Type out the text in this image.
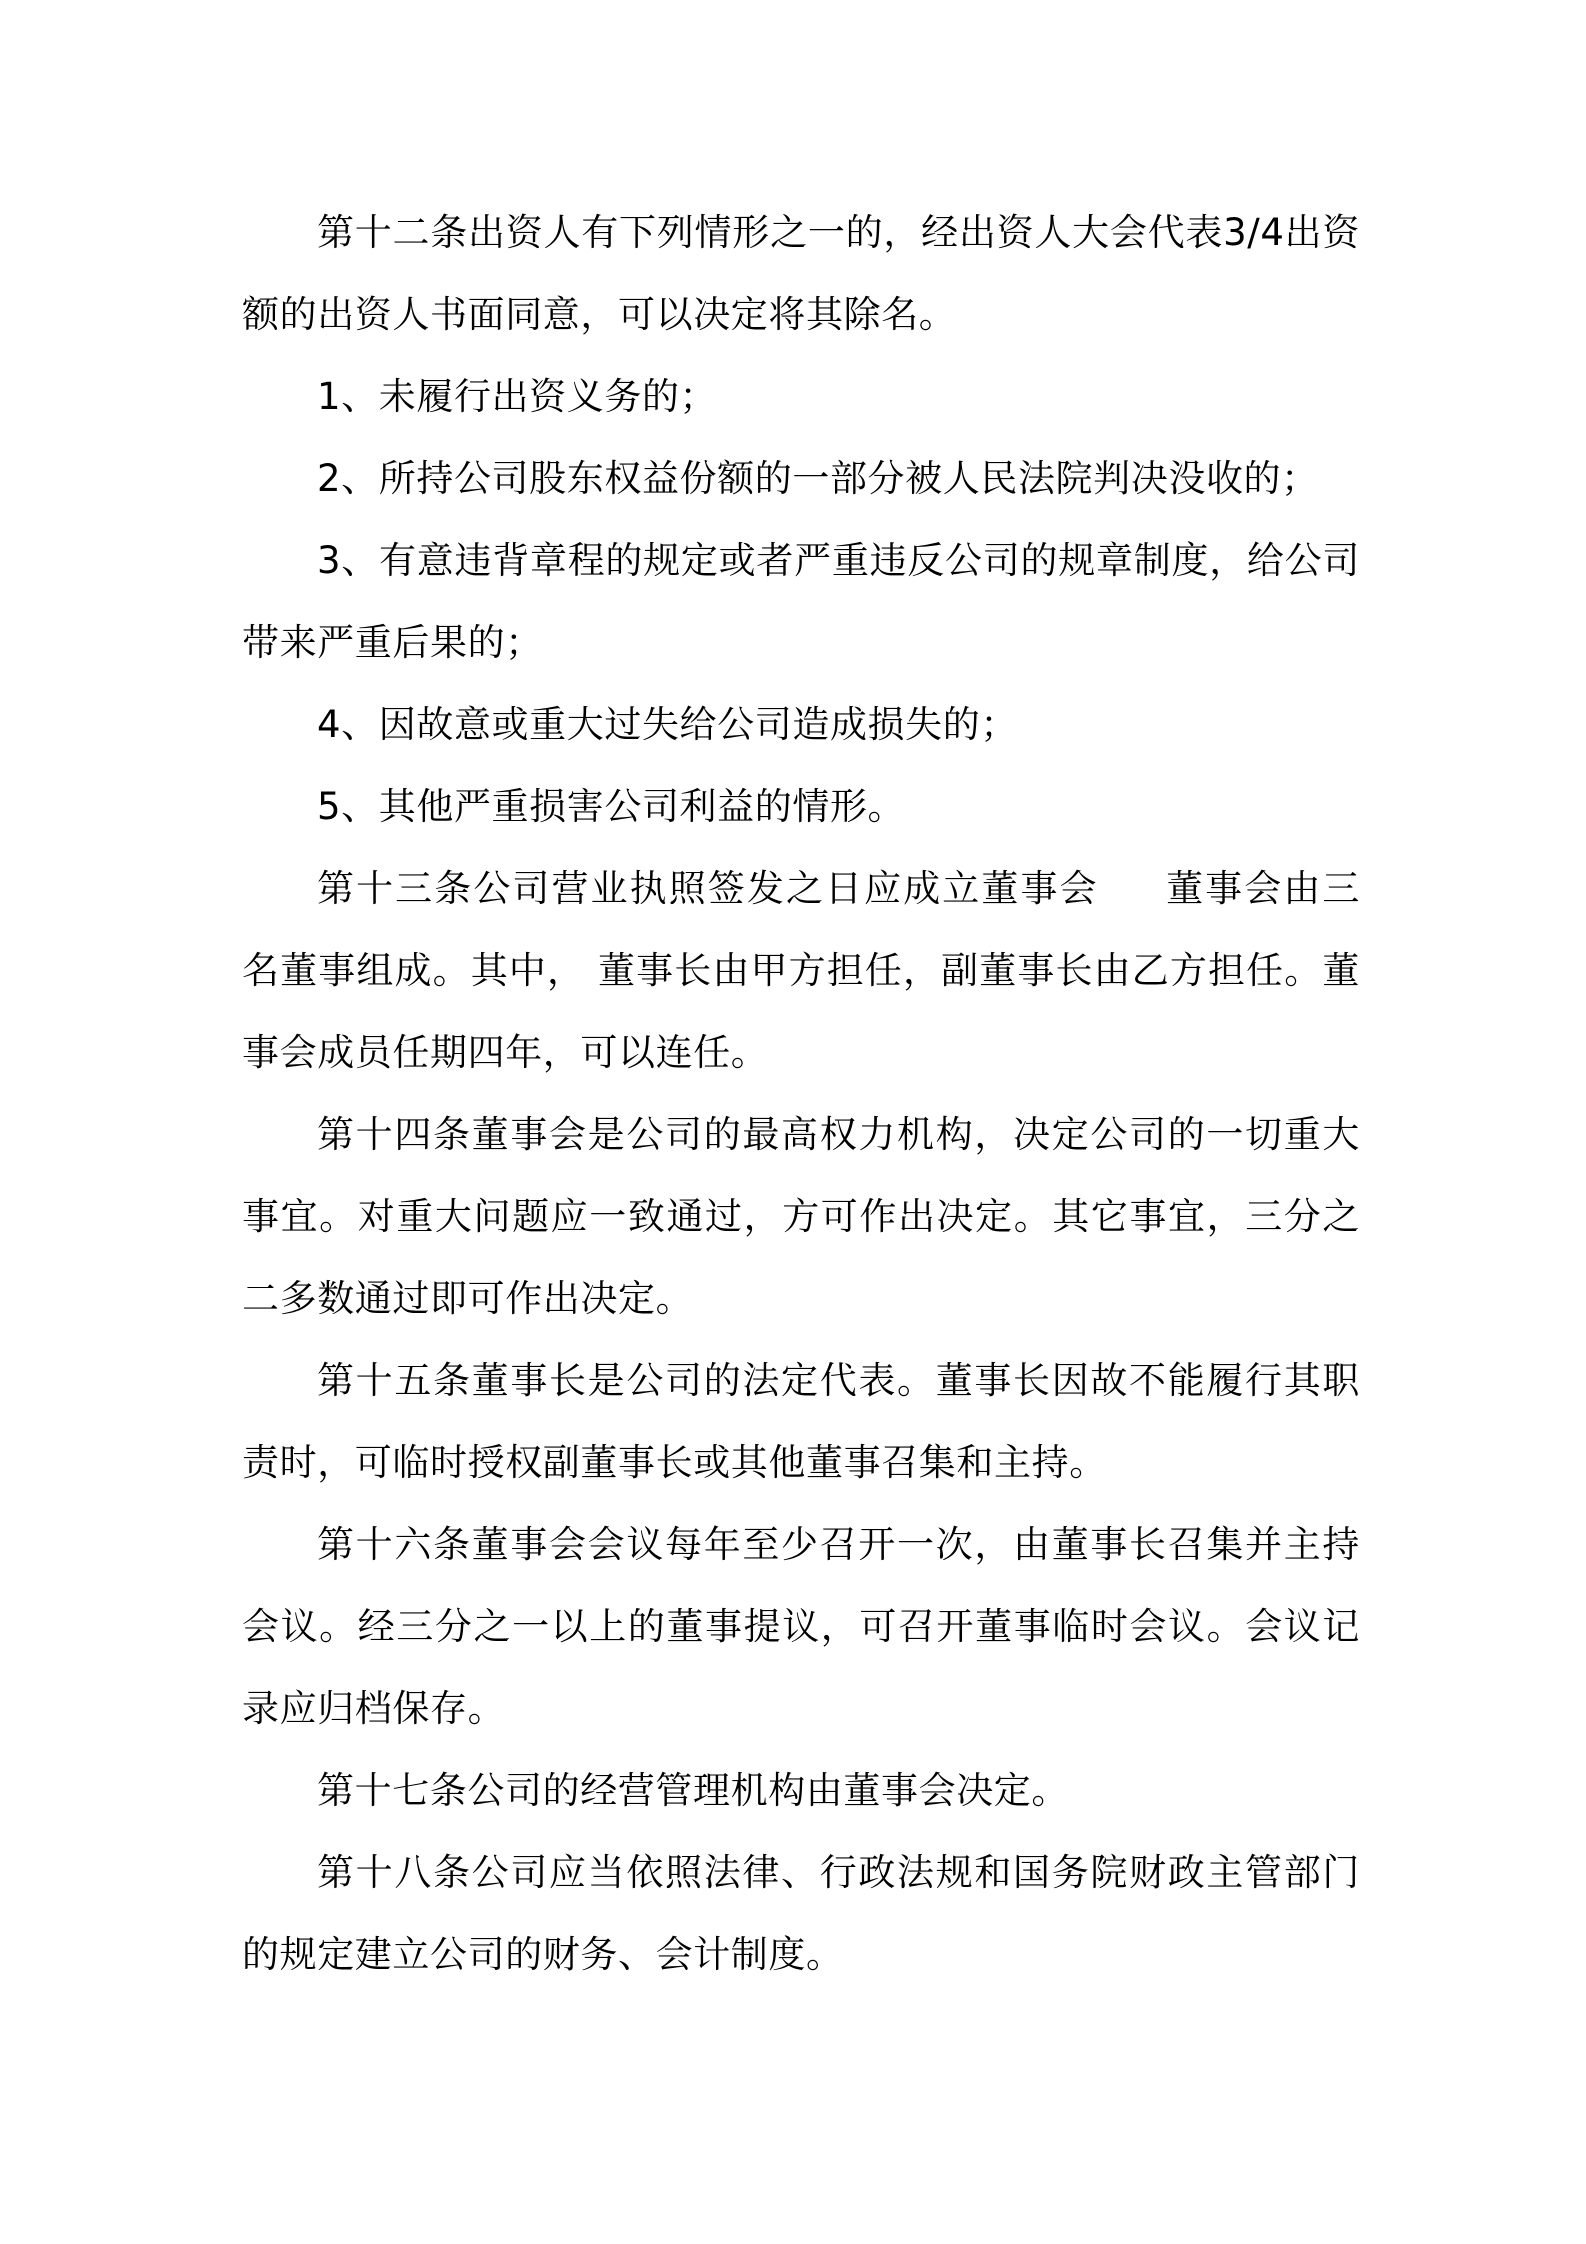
第十二条出资人有下列情形之一的，经出资人大会代表3/4出资额的出资人书面同意，可以决定将其除名。

1、未履行出资义务的；

2、所持公司股东权益份额的一部分被人民法院判决没收的；

3、有意违背章程的规定或者严重违反公司的规章制度，给公司带来严重后果的；

4、因故意或重大过失给公司造成损失的；

5、其他严重损害公司利益的情形。

第十三条公司营业执照签发之日应成立董事会 董事会由三名董事组成。其中， 董事长由甲方担任，副董事长由乙方担任。董事会成员任期四年，可以连任。

第十四条董事会是公司的最高权力机构，决定公司的一切重大事宜。对重大问题应一致通过，方可作出决定。其它事宜，三分之二多数通过即可作出决定。

第十五条董事长是公司的法定代表。董事长因故不能履行其职责时，可临时授权副董事长或其他董事召集和主持。

第十六条董事会会议每年至少召开一次，由董事长召集并主持会议。经三分之一以上的董事提议，可召开董事临时会议。会议记录应归档保存。

第十七条公司的经营管理机构由董事会决定。

第十八条公司应当依照法律、行政法规和国务院财政主管部门的规定建立公司的财务、会计制度。
